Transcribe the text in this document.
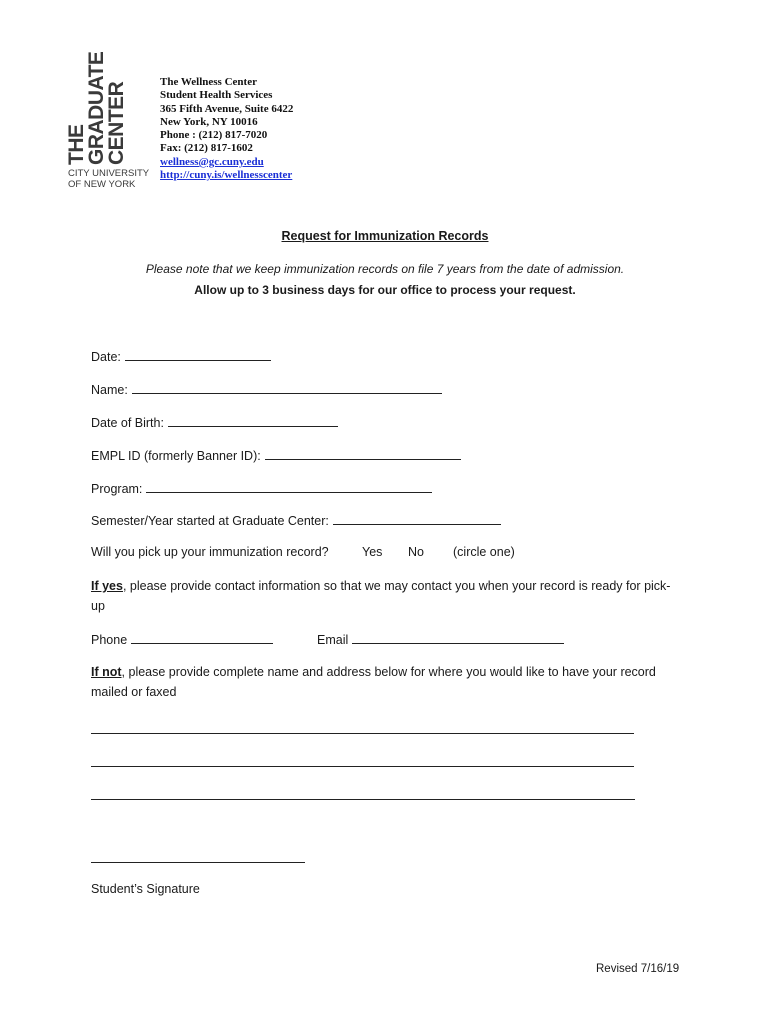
THE
GRADUATE
CENTER
CITY UNIVERSITY
OF NEW YORK
The Wellness Center
Student Health Services
365 Fifth Avenue, Suite 6422
New York, NY 10016
Phone : (212) 817-7020
Fax: (212) 817-1602
wellness@gc.cuny.edu
http://cuny.is/wellnesscenter
Request for Immunization Records
Please note that we keep immunization records on file 7 years from the date of admission.
Allow up to 3 business days for our office to process your request.
Date:
Name:
Date of Birth:
EMPL ID (formerly Banner ID):
Program:
Semester/Year started at Graduate Center:
Will you pick up your immunization record?	Yes No (circle one)
If yes, please provide contact information so that we may contact you when your record is ready for pick-up
Phone	Email
If not, please provide complete name and address below for where you would like to have your record mailed or faxed
Student’s Signature
Revised 7/16/19
